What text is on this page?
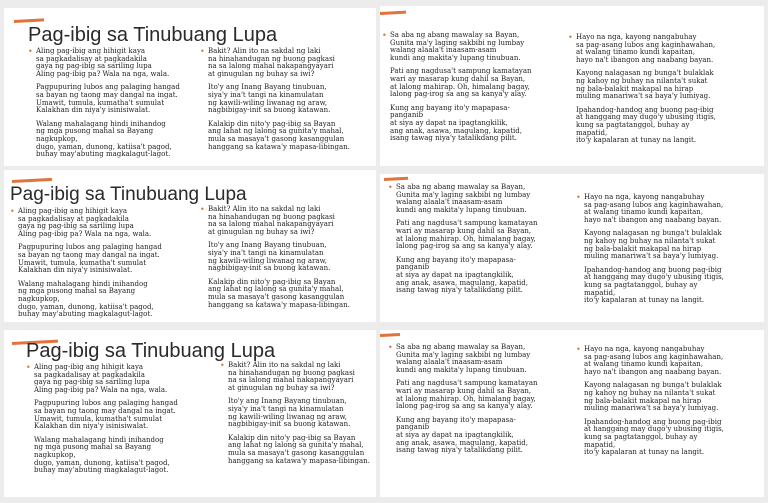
Pag-ibig sa Tinubuang Lupa
• Aling pag-ibig ang hihigit kaya
sa pagkadalisay at pagkadakila
gaya ng pag-ibig sa sariling lupa
Aling pag-ibig pa? Wala na nga, wala.
Pagpupuring lubos ang palaging hangad
sa bayan ng taong may dangal na ingat.
Umawit, tumula, kumatha't sumulat
Kalakhan din niya'y isinisiwalat.
Walang mahalagang hindi inihandog
ng mga pusong mahal sa Bayang
nagkupkop,
dugo, yaman, dunong, katiisa't pagod,
buhay may'abuting magkalagut-lagot.
• Bakit? Alin ito na sakdal ng laki
na hinahandugan ng buong pagkasi
na sa lalong mahal nakapangyayari
at ginugulan ng buhay sa iwi?
Ito'y ang Inang Bayang tinubuan,
siya'y ina't tangi na kinamulatan
ng kawili-wiling liwanag ng araw,
nagbibigay-init sa buong katawan.
Kalakip din nito'y pag-ibig sa Bayan
ang lahat ng lalong sa gunita'y mahal,
mula sa masaya't gasong kasanggulan
hanggang sa katawa'y mapasa-libingan.
• Sa aba ng abang mawalay sa Bayan,
Gunita ma'y laging sakbibi ng lumbay
walang alaala't inaasam-asam
kundi ang makita'y lupang tinubuan.
Pati ang nagdusa't sampung kamatayan
wari ay masarap kung dahil sa Bayan,
at lalong mahirap. Oh, himalang bagay,
lalong pag-irog sa ang sa kanya'y alay.
Kung ang bayang ito'y mapapasa-
panganib
at siya ay dapat na ipagtangkilik,
ang anak, asawa, magulang, kapatid,
isang tawag niya'y tatalikdang pilit.
• Hayo na nga, kayong nangabuhay
sa pag-asang lubos ang kaginhawahan,
at walang tinamo kundi kapaitan,
hayo na't ibangon ang naabang bayan.
Kayong nalagasan ng bunga't bulaklak
ng kahoy ng buhay na nilanta't sukat
ng bala-balakit makapal na hirap
muling manariwa't sa baya'y lumiyag.
Ipahandog-handog ang buong pag-ibig
at hanggang may dugo'y ubusing itigis,
kung sa pagtatanggol, buhay ay
mapatid,
ito'y kapalaran at tunay na langit.
Pag-ibig sa Tinubuang Lupa
• Aling pag-ibig ang hihigit kaya
sa pagkadalisay at pagkadakila
gaya ng pag-ibig sa sariling lupa
Aling pag-ibig pa? Wala na nga, wala.
Pagpupuring lubos ang palaging hangad
sa bayan ng taong may dangal na ingat.
Umawit, tumula, kumatha't sumulat
Kalakhan din niya'y isinisiwalat.
Walang mahalagang hindi inihandog
ng mga pusong mahal sa Bayang
nagkupkop,
dugo, yaman, dunong, katiisa't pagod,
buhay may'abuting magkalagut-lagot.
• Bakit? Alin ito na sakdal ng laki
na hinahandugan ng buong pagkasi
na sa lalong mahal nakapangyayari
at ginugulan ng buhay sa iwi?
Ito'y ang Inang Bayang tinubuan,
siya'y ina't tangi na kinamulatan
ng kawili-wiling liwanag ng araw,
nagbibigay-init sa buong katawan.
Kalakip din nito'y pag-ibig sa Bayan
ang lahat ng lalong sa gunita'y mahal,
mula sa masaya't gasong kasanggulan
hanggang sa katawa'y mapasa-libingan.
• Sa aba ng abang mawalay sa Bayan,
Gunita ma'y laging sakbibi ng lumbay
walang alaala't inaasam-asam
kundi ang makita'y lupang tinubuan.
Pati ang nagdusa't sampung kamatayan
wari ay masarap kung dahil sa Bayan,
at lalong mahirap. Oh, himalang bagay,
lalong pag-irog sa ang sa kanya'y alay.
Kung ang bayang ito'y mapapasa-
panganib
at siya ay dapat na ipagtangkilik,
ang anak, asawa, magulang, kapatid,
isang tawag niya'y tatalikdang pilit.
• Hayo na nga, kayong nangabuhay
sa pag-asang lubos ang kaginhawahan,
at walang tinamo kundi kapaitan,
hayo na't ibangon ang naabang bayan.
Kayong nalagasan ng bunga't bulaklak
ng kahoy ng buhay na nilanta't sukat
ng bala-balakit makapal na hirap
muling manariwa't sa baya'y lumiyag.
Ipahandog-handog ang buong pag-ibig
at hanggang may dugo'y ubusing itigis,
kung sa pagtatanggol, buhay ay
mapatid,
ito'y kapalaran at tunay na langit.
Pag-ibig sa Tinubuang Lupa
• Aling pag-ibig ang hihigit kaya
sa pagkadalisay at pagkadakila
gaya ng pag-ibig sa sariling lupa
Aling pag-ibig pa? Wala na nga, wala.
Pagpupuring lubos ang palaging hangad
sa bayan ng taong may dangal na ingat.
Umawit, tumula, kumatha't sumulat
Kalakhan din niya'y isinisiwalat.
Walang mahalagang hindi inihandog
ng mga pusong mahal sa Bayang
nagkupkop,
dugo, yaman, dunong, katiisa't pagod,
buhay may'abuting magkalagut-lagot.
• Bakit? Alin ito na sakdal ng laki
na hinahandugan ng buong pagkasi
na sa lalong mahal nakapangyayari
at ginugulan ng buhay sa iwi?
Ito'y ang Inang Bayang tinubuan,
siya'y ina't tangi na kinamulatan
ng kawili-wiling liwanag ng araw,
nagbibigay-init sa buong katawan.
Kalakip din nito'y pag-ibig sa Bayan
ang lahat ng lalong sa gunita'y mahal,
mula sa masaya't gasong kasanggulan
hanggang sa katawa'y mapasa-libingan.
• Sa aba ng abang mawalay sa Bayan,
Gunita ma'y laging sakbibi ng lumbay
walang alaala't inaasam-asam
kundi ang makita'y lupang tinubuan.
Pati ang nagdusa't sampung kamatayan
wari ay masarap kung dahil sa Bayan,
at lalong mahirap. Oh, himalang bagay,
lalong pag-irog sa ang sa kanya'y alay.
Kung ang bayang ito'y mapapasa-
panganib
at siya ay dapat na ipagtangkilik,
ang anak, asawa, magulang, kapatid,
isang tawag niya'y tatalikdang pilit.
• Hayo na nga, kayong nangabuhay
sa pag-asang lubos ang kaginhawahan,
at walang tinamo kundi kapaitan,
hayo na't ibangon ang naabang bayan.
Kayong nalagasan ng bunga't bulaklak
ng kahoy ng buhay na nilanta't sukat
ng bala-balakit makapal na hirap
muling manariwa't sa baya'y lumiyag.
Ipahandog-handog ang buong pag-ibig
at hanggang may dugo'y ubusing itigis,
kung sa pagtatanggol, buhay ay
mapatid,
ito'y kapalaran at tunay na langit.
